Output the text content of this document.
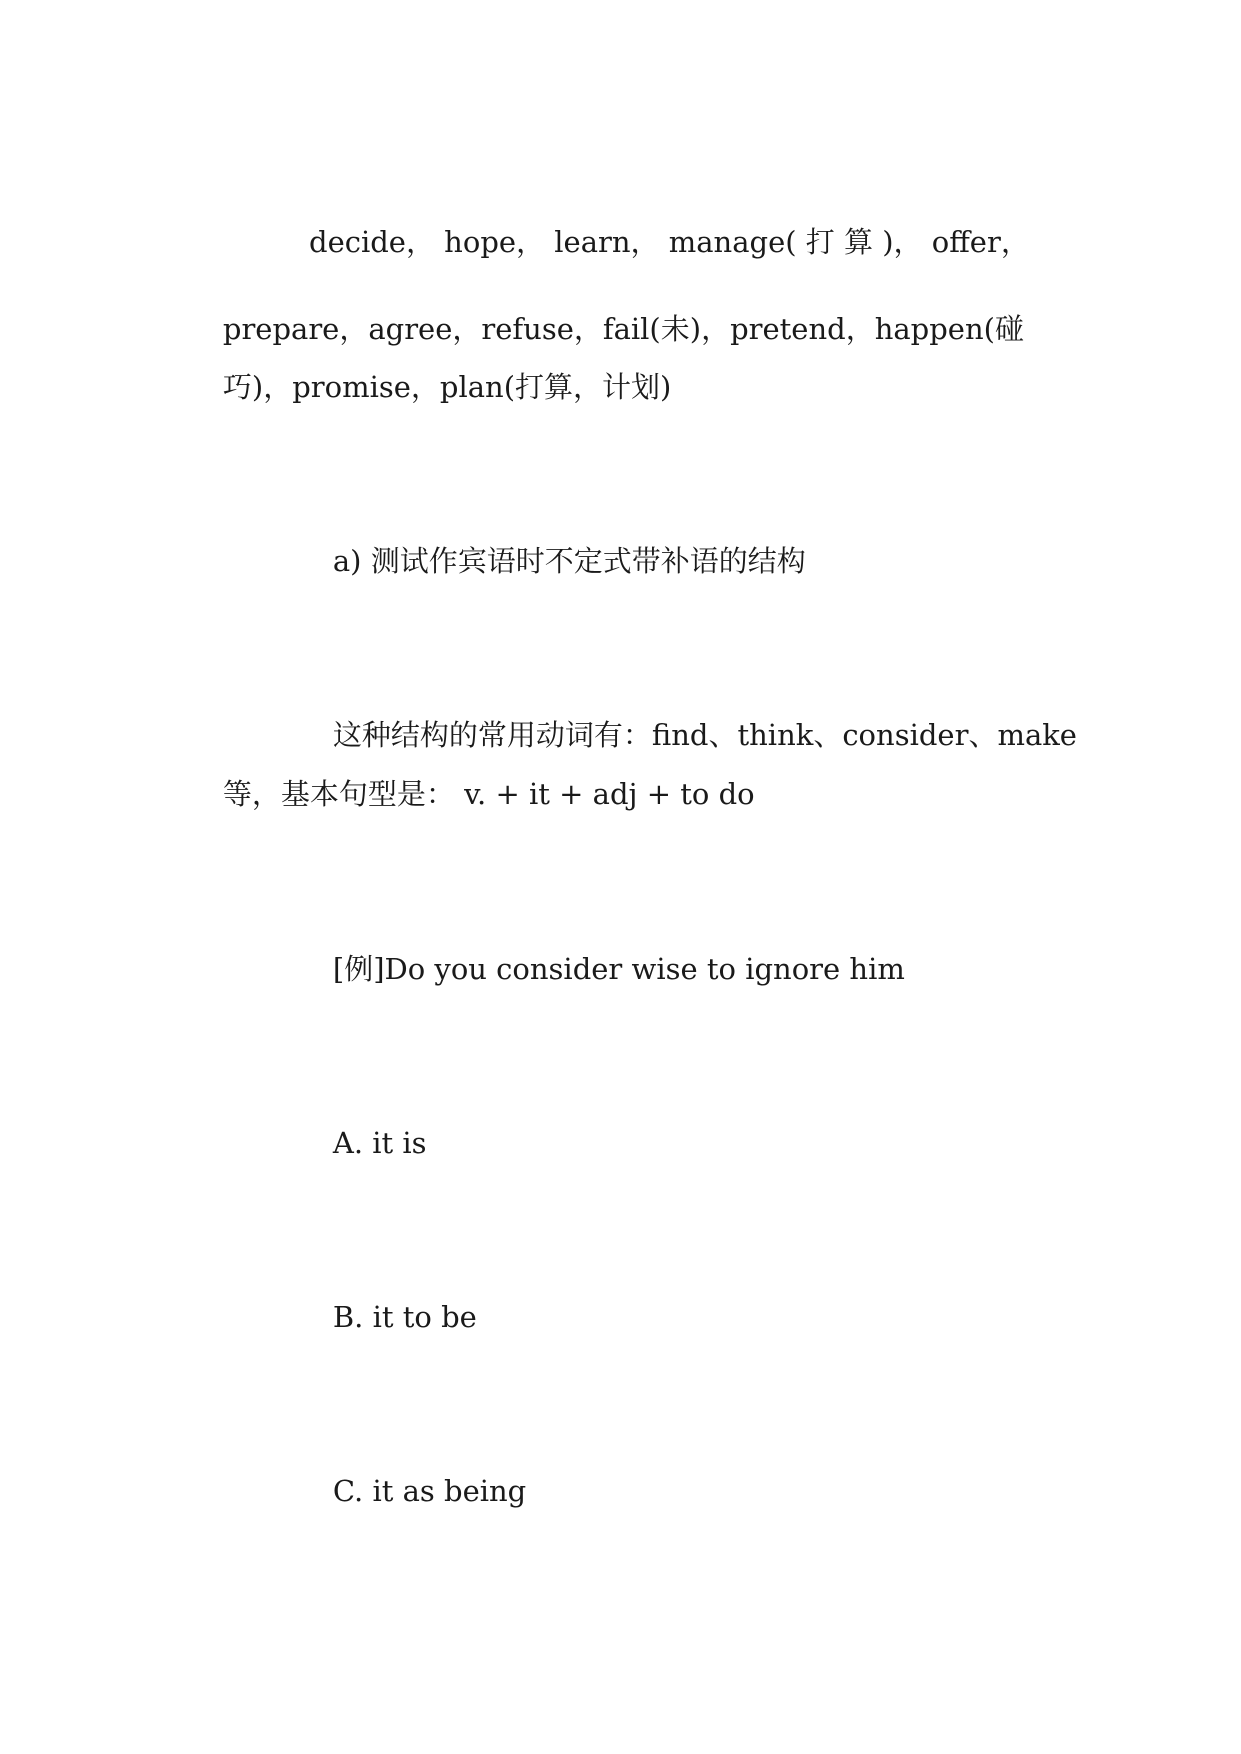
decide， hope， learn， manage( 打 算 )， offer，

prepare，agree，refuse，fail(未)，pretend，happen(碰

巧)，promise，plan(打算，计划)

a) 测试作宾语时不定式带补语的结构

这种结构的常用动词有：find、think、consider、make

等，基本句型是： v. + it + adj + to do

[例]Do you consider wise to ignore him

A. it is

B. it to be

C. it as being
